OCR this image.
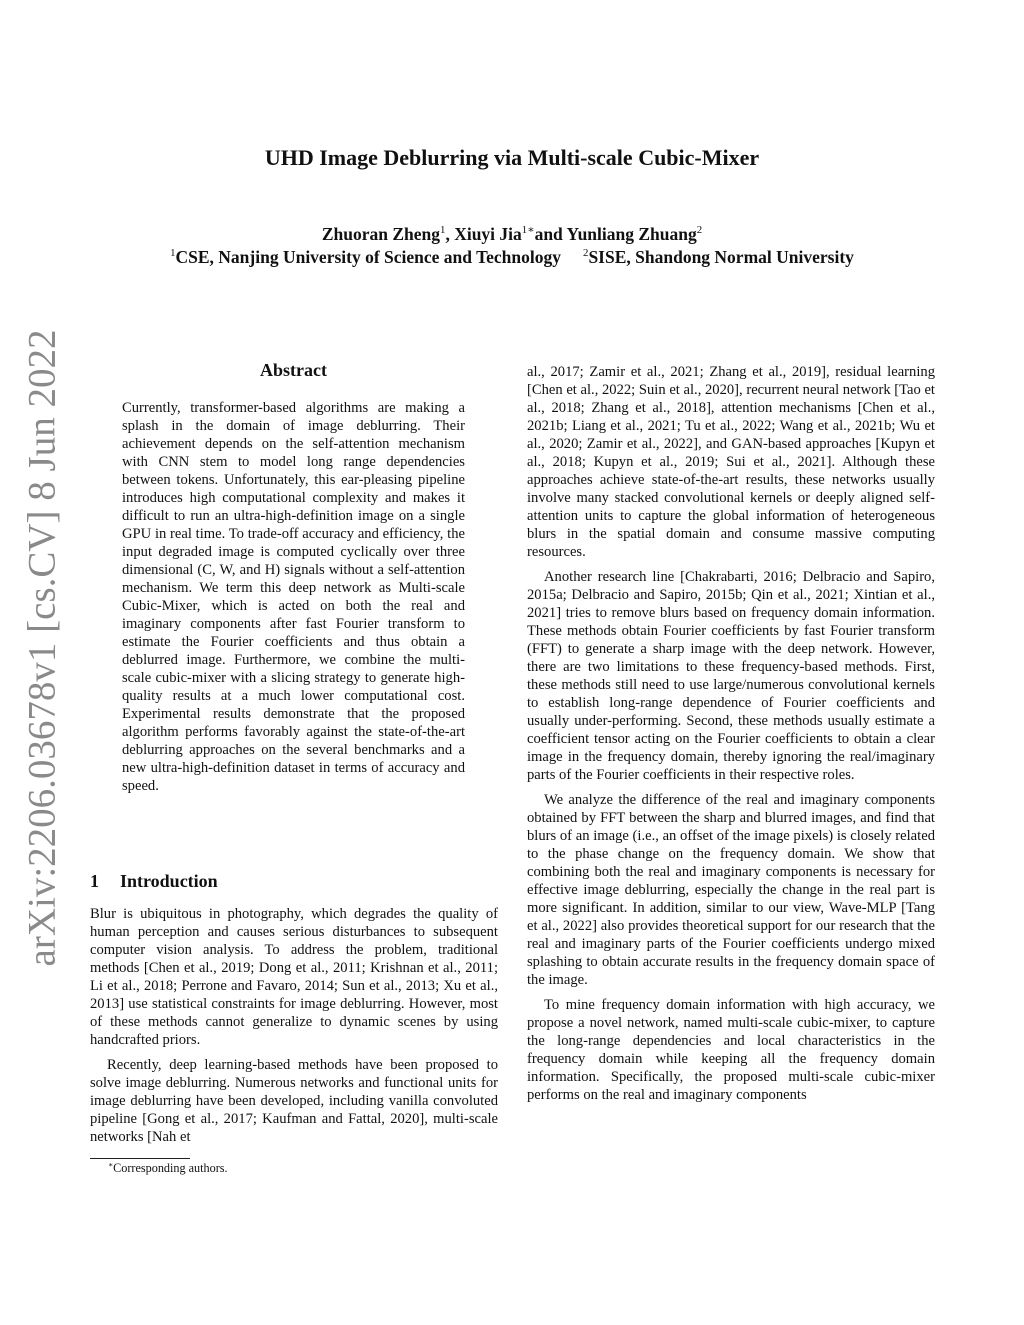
arXiv:2206.03678v1 [cs.CV] 8 Jun 2022
UHD Image Deblurring via Multi-scale Cubic-Mixer
Zhuoran Zheng$^1$, Xiuyi Jia$^{1∗}$and Yunliang Zhuang$^2$
$^1$CSE, Nanjing University of Science and Technology $^2$SISE, Shandong Normal University
Abstract
Currently, transformer-based algorithms are making a splash in the domain of image deblurring. Their achievement depends on the self-attention mechanism with CNN stem to model long range dependencies between tokens. Unfortunately, this ear-pleasing pipeline introduces high computational complexity and makes it difficult to run an ultra-high-definition image on a single GPU in real time. To trade-off accuracy and efficiency, the input degraded image is computed cyclically over three dimensional (C, W, and H) signals without a self-attention mechanism. We term this deep network as Multi-scale Cubic-Mixer, which is acted on both the real and imaginary components after fast Fourier transform to estimate the Fourier coefficients and thus obtain a deblurred image. Furthermore, we combine the multi-scale cubic-mixer with a slicing strategy to generate high-quality results at a much lower computational cost. Experimental results demonstrate that the proposed algorithm performs favorably against the state-of-the-art deblurring approaches on the several benchmarks and a new ultra-high-definition dataset in terms of accuracy and speed.
1 Introduction

Blur is ubiquitous in photography, which degrades the quality of human perception and causes serious disturbances to subsequent computer vision analysis. To address the problem, traditional methods [Chen et al., 2019; Dong et al., 2011; Krishnan et al., 2011; Li et al., 2018; Perrone and Favaro, 2014; Sun et al., 2013; Xu et al., 2013] use statistical constraints for image deblurring. However, most of these methods cannot generalize to dynamic scenes by using handcrafted priors.

Recently, deep learning-based methods have been proposed to solve image deblurring. Numerous networks and functional units for image deblurring have been developed, including vanilla convoluted pipeline [Gong et al., 2017; Kaufman and Fattal, 2020], multi-scale networks [Nah et

al., 2017; Zamir et al., 2021; Zhang et al., 2019], residual learning [Chen et al., 2022; Suin et al., 2020], recurrent neural network [Tao et al., 2018; Zhang et al., 2018], attention mechanisms [Chen et al., 2021b; Liang et al., 2021; Tu et al., 2022; Wang et al., 2021b; Wu et al., 2020; Zamir et al., 2022], and GAN-based approaches [Kupyn et al., 2018; Kupyn et al., 2019; Sui et al., 2021]. Although these approaches achieve state-of-the-art results, these networks usually involve many stacked convolutional kernels or deeply aligned self-attention units to capture the global information of heterogeneous blurs in the spatial domain and consume massive computing resources.

Another research line [Chakrabarti, 2016; Delbracio and Sapiro, 2015a; Delbracio and Sapiro, 2015b; Qin et al., 2021; Xintian et al., 2021] tries to remove blurs based on frequency domain information. These methods obtain Fourier coefficients by fast Fourier transform (FFT) to generate a sharp image with the deep network. However, there are two limitations to these frequency-based methods. First, these methods still need to use large/numerous convolutional kernels to establish long-range dependence of Fourier coefficients and usually under-performing. Second, these methods usually estimate a coefficient tensor acting on the Fourier coefficients to obtain a clear image in the frequency domain, thereby ignoring the real/imaginary parts of the Fourier coefficients in their respective roles.

We analyze the difference of the real and imaginary components obtained by FFT between the sharp and blurred images, and find that blurs of an image (i.e., an offset of the image pixels) is closely related to the phase change on the frequency domain. We show that combining both the real and imaginary components is necessary for effective image deblurring, especially the change in the real part is more significant. In addition, similar to our view, Wave-MLP [Tang et al., 2022] also provides theoretical support for our research that the real and imaginary parts of the Fourier coefficients undergo mixed splashing to obtain accurate results in the frequency domain space of the image.

To mine frequency domain information with high accuracy, we propose a novel network, named multi-scale cubic-mixer, to capture the long-range dependencies and local characteristics in the frequency domain while keeping all the frequency domain information. Specifically, the proposed multi-scale cubic-mixer performs on the real and imaginary components

∗Corresponding authors.
